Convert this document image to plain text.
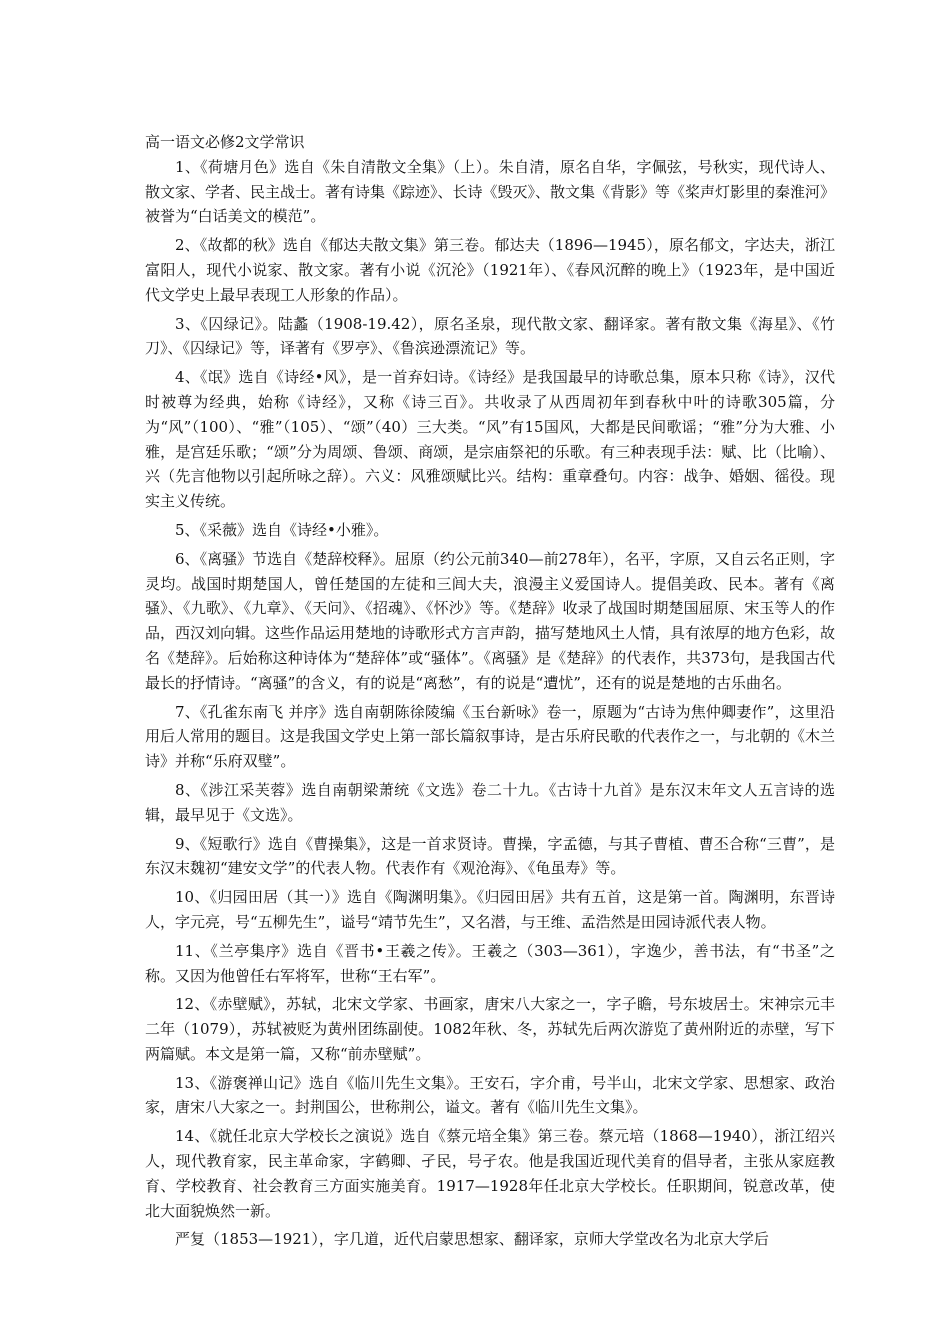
高一语文必修2文学常识

1、《荷塘月色》选自《朱自清散文全集》（上）。朱自清，原名自华，字佩弦，号秋实，现代诗人、散文家、学者、民主战士。著有诗集《踪迹》、长诗《毁灭》、散文集《背影》等《桨声灯影里的秦淮河》被誉为“白话美文的模范”。

2、《故都的秋》选自《郁达夫散文集》第三卷。郁达夫（1896—1945），原名郁文，字达夫，浙江富阳人，现代小说家、散文家。著有小说《沉沦》（1921年）、《春风沉醉的晚上》（1923年，是中国近代文学史上最早表现工人形象的作品）。

3、《囚绿记》。陆蠡（1908-19.42），原名圣泉，现代散文家、翻译家。著有散文集《海星》、《竹刀》、《囚绿记》等，译著有《罗亭》、《鲁滨逊漂流记》等。

4、《氓》选自《诗经•风》，是一首弃妇诗。《诗经》是我国最早的诗歌总集，原本只称《诗》，汉代时被尊为经典，始称《诗经》，又称《诗三百》。共收录了从西周初年到春秋中叶的诗歌305篇，分为“风”（100）、“雅”（105）、“颂”（40）三大类。“风”有15国风，大都是民间歌谣；“雅”分为大雅、小雅，是宫廷乐歌；“颂”分为周颂、鲁颂、商颂，是宗庙祭祀的乐歌。有三种表现手法：赋、比（比喻）、兴（先言他物以引起所咏之辞）。六义：风雅颂赋比兴。结构：重章叠句。内容：战争、婚姻、徭役。现实主义传统。

5、《采薇》选自《诗经•小雅》。

6、《离骚》节选自《楚辞校释》。屈原（约公元前340—前278年），名平，字原，又自云名正则，字灵均。战国时期楚国人，曾任楚国的左徒和三闾大夫，浪漫主义爱国诗人。提倡美政、民本。著有《离骚》、《九歌》、《九章》、《天问》、《招魂》、《怀沙》等。《楚辞》收录了战国时期楚国屈原、宋玉等人的作品，西汉刘向辑。这些作品运用楚地的诗歌形式方言声韵，描写楚地风土人情，具有浓厚的地方色彩，故名《楚辞》。后始称这种诗体为“楚辞体”或“骚体”。《离骚》是《楚辞》的代表作，共373句，是我国古代最长的抒情诗。“离骚”的含义，有的说是“离愁”，有的说是“遭忧”，还有的说是楚地的古乐曲名。

7、《孔雀东南飞 并序》选自南朝陈徐陵编《玉台新咏》卷一，原题为“古诗为焦仲卿妻作”，这里沿用后人常用的题目。这是我国文学史上第一部长篇叙事诗，是古乐府民歌的代表作之一，与北朝的《木兰诗》并称“乐府双璧”。

8、《涉江采芙蓉》选自南朝梁萧统《文选》卷二十九。《古诗十九首》是东汉末年文人五言诗的选辑，最早见于《文选》。

9、《短歌行》选自《曹操集》，这是一首求贤诗。曹操，字孟德，与其子曹植、曹丕合称“三曹”，是东汉末魏初“建安文学”的代表人物。代表作有《观沧海》、《龟虽寿》等。

10、《归园田居（其一）》选自《陶渊明集》。《归园田居》共有五首，这是第一首。陶渊明，东晋诗人，字元亮，号“五柳先生”，谥号“靖节先生”，又名潜，与王维、孟浩然是田园诗派代表人物。

11、《兰亭集序》选自《晋书•王羲之传》。王羲之（303—361），字逸少，善书法，有“书圣”之称。又因为他曾任右军将军，世称“王右军”。

12、《赤壁赋》，苏轼，北宋文学家、书画家，唐宋八大家之一，字子瞻，号东坡居士。宋神宗元丰二年（1079），苏轼被贬为黄州团练副使。1082年秋、冬，苏轼先后两次游览了黄州附近的赤壁，写下两篇赋。本文是第一篇，又称“前赤壁赋”。

13、《游褒禅山记》选自《临川先生文集》。王安石，字介甫，号半山，北宋文学家、思想家、政治家，唐宋八大家之一。封荆国公，世称荆公，谥文。著有《临川先生文集》。

14、《就任北京大学校长之演说》选自《蔡元培全集》第三卷。蔡元培（1868—1940），浙江绍兴人，现代教育家，民主革命家，字鹤卿、孑民，号孑农。他是我国近现代美育的倡导者，主张从家庭教育、学校教育、社会教育三方面实施美育。1917—1928年任北京大学校长。任职期间，锐意改革，使北大面貌焕然一新。

严复（1853—1921），字几道，近代启蒙思想家、翻译家，京师大学堂改名为北京大学后
